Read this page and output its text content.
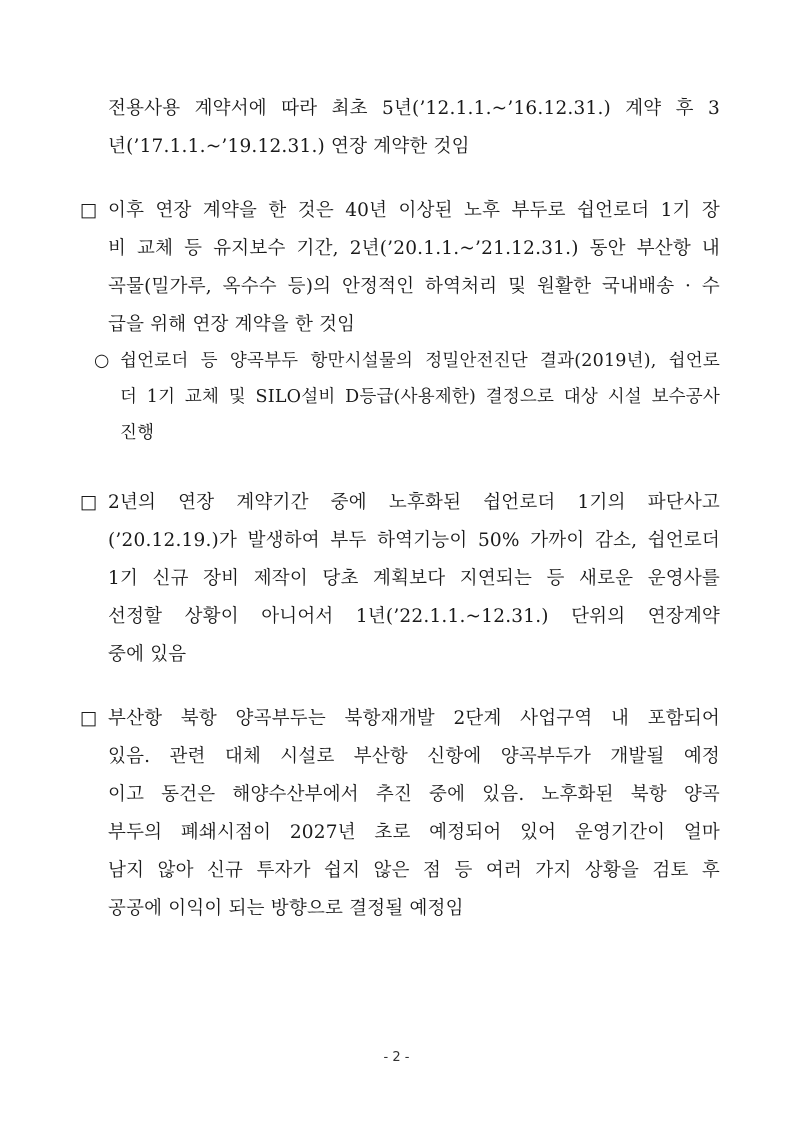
전용사용 계약서에 따라 최초 5년(’12.1.1.~’16.12.31.) 계약 후 3
년(’17.1.1.~’19.12.31.) 연장 계약한 것임
□ 이후 연장 계약을 한 것은 40년 이상된 노후 부두로 쉽언로더 1기 장
비 교체 등 유지보수 기간, 2년(’20.1.1.~’21.12.31.) 동안 부산항 내
곡물(밀가루, 옥수수 등)의 안정적인 하역처리 및 원활한 국내배송 · 수
급을 위해 연장 계약을 한 것임
○ 쉽언로더 등 양곡부두 항만시설물의 정밀안전진단 결과(2019년), 쉽언로
더 1기 교체 및 SILO설비 D등급(사용제한) 결정으로 대상 시설 보수공사
진행
□ 2년의 연장 계약기간 중에 노후화된 쉽언로더 1기의 파단사고
(’20.12.19.)가 발생하여 부두 하역기능이 50% 가까이 감소, 쉽언로더
1기 신규 장비 제작이 당초 계획보다 지연되는 등 새로운 운영사를
선정할 상황이 아니어서 1년(’22.1.1.~12.31.) 단위의 연장계약
중에 있음
□ 부산항 북항 양곡부두는 북항재개발 2단계 사업구역 내 포함되어
있음. 관련 대체 시설로 부산항 신항에 양곡부두가 개발될 예정
이고 동건은 해양수산부에서 추진 중에 있음. 노후화된 북항 양곡
부두의 폐쇄시점이 2027년 초로 예정되어 있어 운영기간이 얼마
남지 않아 신규 투자가 쉽지 않은 점 등 여러 가지 상황을 검토 후
공공에 이익이 되는 방향으로 결정될 예정임
- 2 -
